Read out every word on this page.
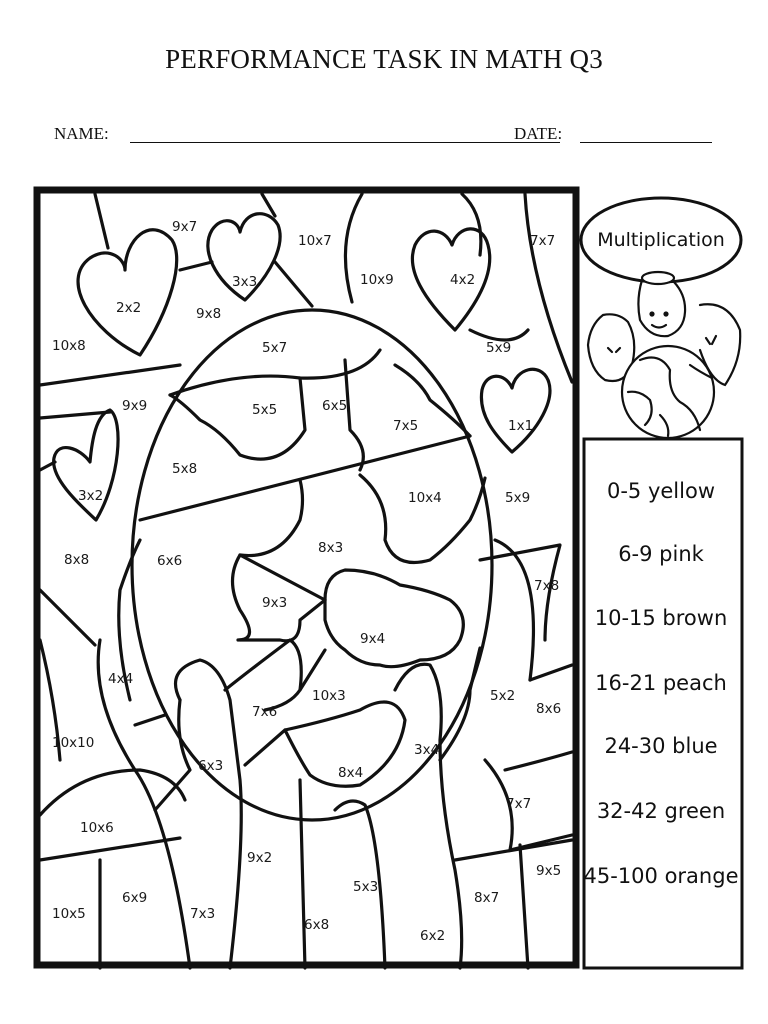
PERFORMANCE TASK IN MATH Q3
NAME:	DATE:
9x7
10x7	7x7
3x3	10x9	4x2
2x2	9x8
10x8	5x7	5x9
9x9	5x5	6x5
7x5	1x1
5x8
3x2	10x4	5x9
8x3
8x8	6x6
7x8
9x3
9x4
4x4
10x3	5x2
7x6	8x6
10x10
6x3
3x4
8x4
7x7
10x6
9x2
9x5
5x3
10x5
6x9
7x3
6x8
8x7
6x2
Multiplication
0-5 yellow
6-9 pink
10-15 brown
16-21 peach
24-30 blue
32-42 green
45-100 orange
